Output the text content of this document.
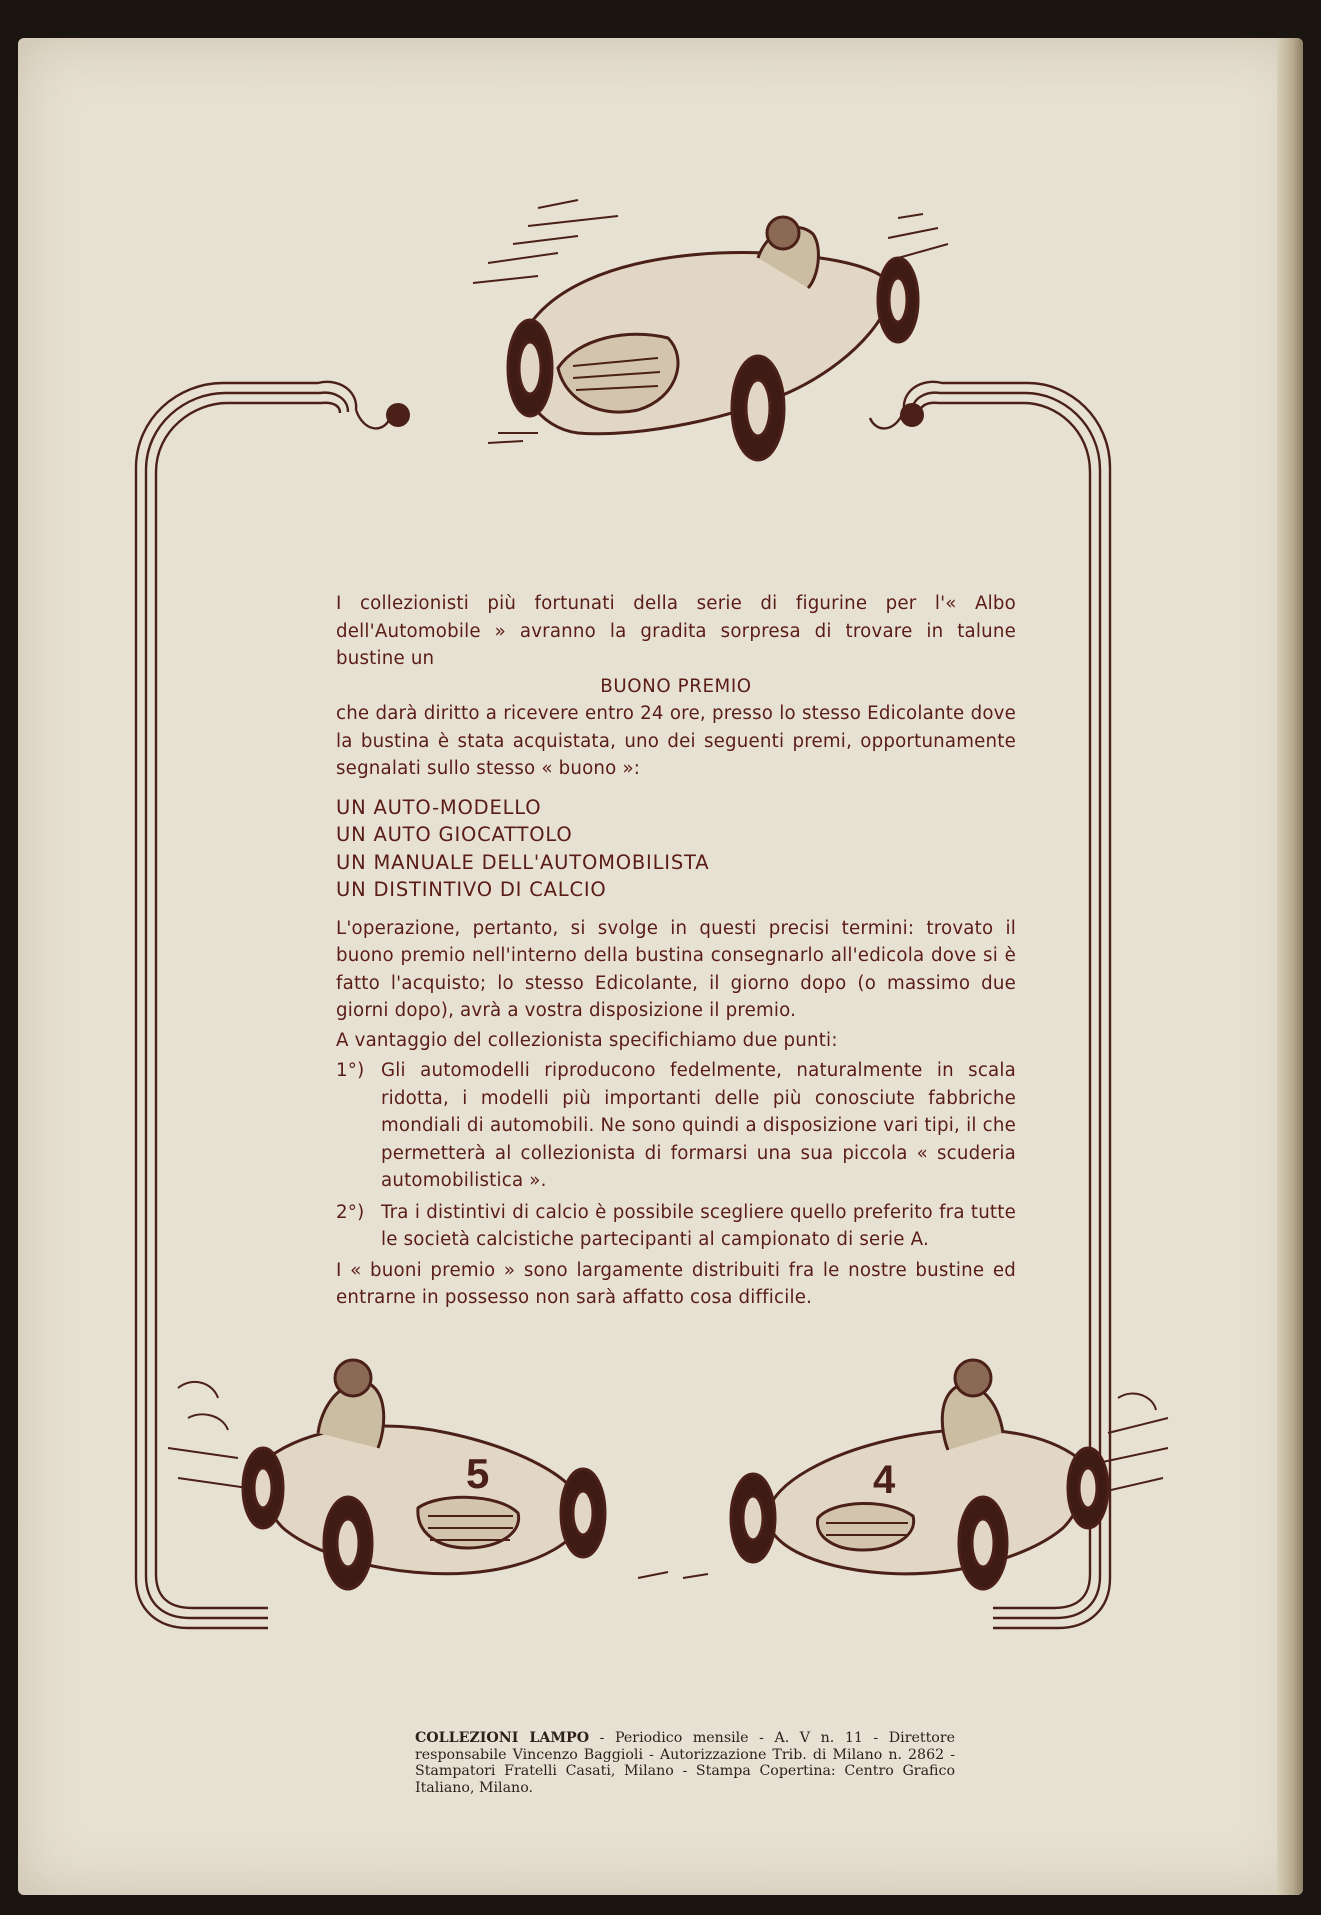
5	4

I collezionisti più fortunati della serie di figurine per l'« Albo dell'Automobile » avranno la gradita sorpresa di trovare in talune bustine un

BUONO PREMIO

che darà diritto a ricevere entro 24 ore, presso lo stesso Edicolante dove la bustina è stata acquistata, uno dei seguenti premi, opportunamente segnalati sullo stesso « buono »:

UN AUTO-MODELLO
UN AUTO GIOCATTOLO
UN MANUALE DELL'AUTOMOBILISTA
UN DISTINTIVO DI CALCIO

L'operazione, pertanto, si svolge in questi precisi termini: trovato il buono premio nell'interno della bustina consegnarlo all'edicola dove si è fatto l'acquisto; lo stesso Edicolante, il giorno dopo (o massimo due giorni dopo), avrà a vostra disposizione il premio.

A vantaggio del collezionista specifichiamo due punti:

1°) Gli automodelli riproducono fedelmente, naturalmente in scala ridotta, i modelli più importanti delle più conosciute fabbriche mondiali di automobili. Ne sono quindi a disposizione vari tipi, il che permetterà al collezionista di formarsi una sua piccola « scuderia automobilistica ».
2°) Tra i distintivi di calcio è possibile scegliere quello preferito fra tutte le società calcistiche partecipanti al campionato di serie A.

I « buoni premio » sono largamente distribuiti fra le nostre bustine ed entrarne in possesso non sarà affatto cosa difficile.

COLLEZIONI LAMPO - Periodico mensile - A. V n. 11 - Direttore responsabile Vincenzo Baggioli - Autorizzazione Trib. di Milano n. 2862 - Stampatori Fratelli Casati, Milano - Stampa Copertina: Centro Grafico Italiano, Milano.
